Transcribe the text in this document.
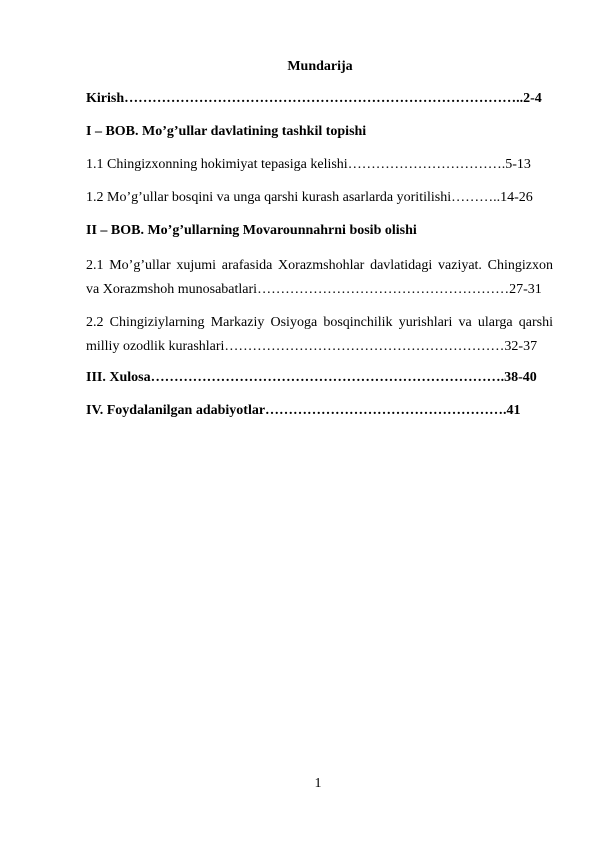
Mundarija

Kirish…………………………………………………………………………..2-4

I – BOB. Mo’g’ullar davlatining tashkil topishi

1.1 Chingizxonning hokimiyat tepasiga kelishi…………………………….5-13

1.2 Mo’g’ullar bosqini va unga qarshi kurash asarlarda yoritilishi………..14-26

II – BOB. Mo’g’ullarning Movarounnahrni bosib olishi

2.1 Mo’g’ullar xujumi arafasida Xorazmshohlar davlatidagi vaziyat. Chingizxon va Xorazmshoh munosabatlari………………………………………………27-31

2.2 Chingiziylarning Markaziy Osiyoga bosqinchilik yurishlari va ularga qarshi milliy ozodlik kurashlari……………………………………………………32-37

III. Xulosa………………………………………………………………….38-40

IV. Foydalanilgan adabiyotlar…………………………………………….41

1
